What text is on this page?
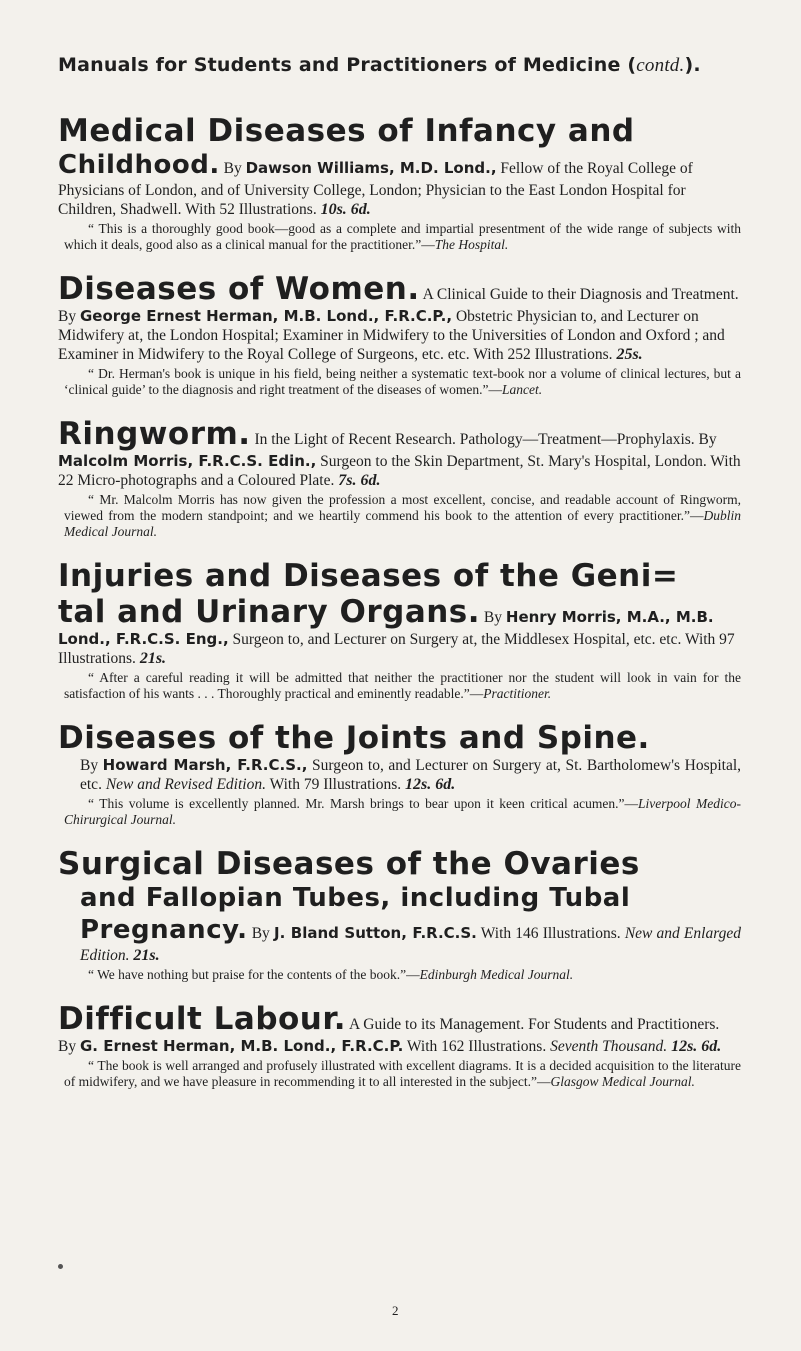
Manuals for Students and Practitioners of Medicine (contd.).
Medical Diseases of Infancy and
Childhood. By Dawson Williams, M.D. Lond., Fellow of the Royal College of Physicians of London, and of University College, London; Physician to the East London Hospital for Children, Shadwell. With 52 Illustrations. 10s. 6d.
“ This is a thoroughly good book—good as a complete and impartial presentment of the wide range of subjects with which it deals, good also as a clinical manual for the practitioner.”—The Hospital.
Diseases of Women. A Clinical Guide to their Diagnosis and Treatment. By George Ernest Herman, M.B. Lond., F.R.C.P., Obstetric Physician to, and Lecturer on Midwifery at, the London Hospital; Examiner in Midwifery to the Universities of London and Oxford ; and Examiner in Midwifery to the Royal College of Surgeons, etc. etc. With 252 Illustrations. 25s.
“ Dr. Herman's book is unique in his field, being neither a systematic text-book nor a volume of clinical lectures, but a ‘clinical guide’ to the diagnosis and right treatment of the diseases of women.”—Lancet.
Ringworm. In the Light of Recent Research. Pathology—Treatment—Prophylaxis. By Malcolm Morris, F.R.C.S. Edin., Surgeon to the Skin Department, St. Mary's Hospital, London. With 22 Micro-photographs and a Coloured Plate. 7s. 6d.
“ Mr. Malcolm Morris has now given the profession a most excellent, concise, and readable account of Ringworm, viewed from the modern standpoint; and we heartily commend his book to the attention of every practitioner.”—Dublin Medical Journal.
Injuries and Diseases of the Geni=
tal and Urinary Organs. By Henry Morris, M.A., M.B. Lond., F.R.C.S. Eng., Surgeon to, and Lecturer on Surgery at, the Middlesex Hospital, etc. etc. With 97 Illustrations. 21s.
“ After a careful reading it will be admitted that neither the practitioner nor the student will look in vain for the satisfaction of his wants . . . Thoroughly practical and eminently readable.”—Practitioner.
Diseases of the Joints and Spine.
By Howard Marsh, F.R.C.S., Surgeon to, and Lecturer on Surgery at, St. Bartholomew's Hospital, etc. New and Revised Edition. With 79 Illustrations. 12s. 6d.
“ This volume is excellently planned. Mr. Marsh brings to bear upon it keen critical acumen.”—Liverpool Medico-Chirurgical Journal.
Surgical Diseases of the Ovaries
and Fallopian Tubes, including Tubal
Pregnancy. By J. Bland Sutton, F.R.C.S. With 146 Illustrations. New and Enlarged Edition. 21s.
“ We have nothing but praise for the contents of the book.”—Edinburgh Medical Journal.
Difficult Labour. A Guide to its Management. For Students and Practitioners. By G. Ernest Herman, M.B. Lond., F.R.C.P. With 162 Illustrations. Seventh Thousand. 12s. 6d.
“ The book is well arranged and profusely illustrated with excellent diagrams. It is a decided acquisition to the literature of midwifery, and we have pleasure in recommending it to all interested in the subject.”—Glasgow Medical Journal.
2
